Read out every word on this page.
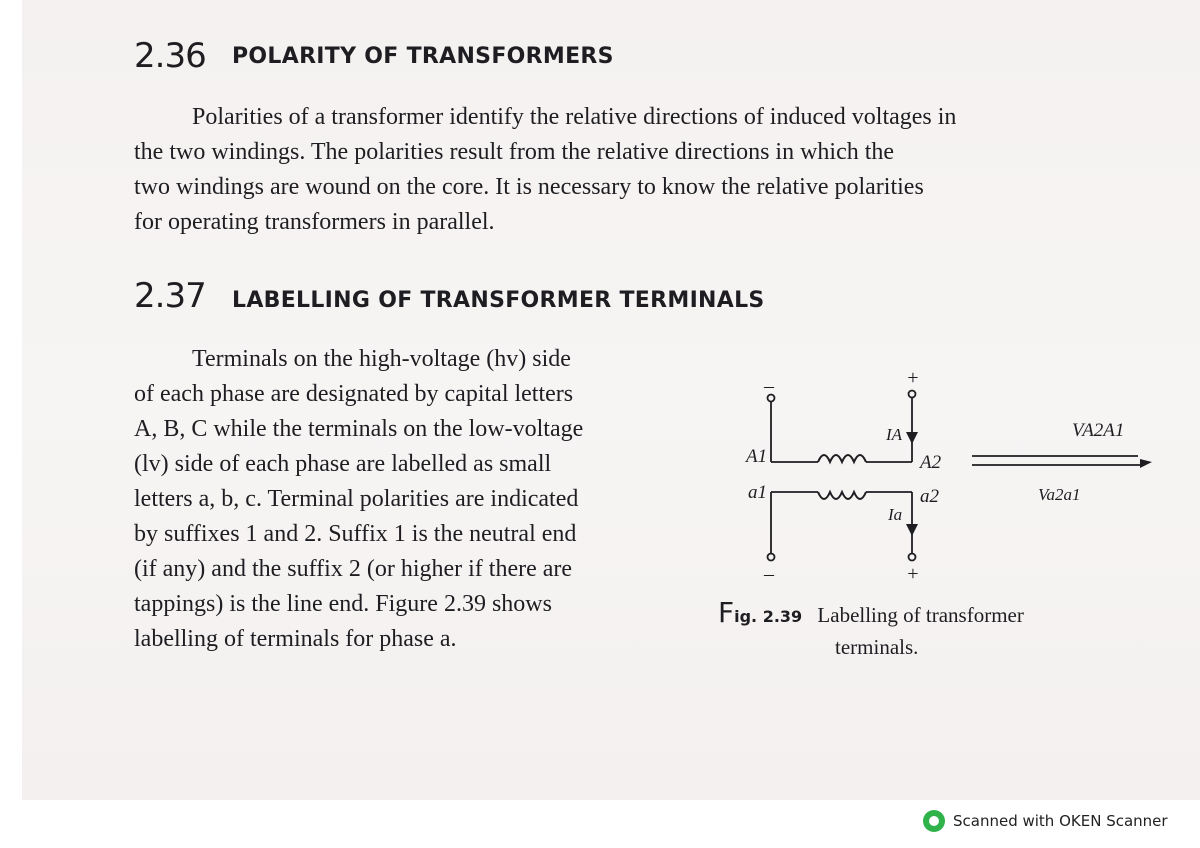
2.36 POLARITY OF TRANSFORMERS
Polarities of a transformer identify the relative directions of induced voltages in
the two windings. The polarities result from the relative directions in which the
two windings are wound on the core. It is necessary to know the relative polarities
for operating transformers in parallel.
2.37 LABELLING OF TRANSFORMER TERMINALS
Terminals on the high-voltage (hv) side
of each phase are designated by capital letters
A, B, C while the terminals on the low-voltage
(lv) side of each phase are labelled as small
letters a, b, c. Terminal polarities are indicated
by suffixes 1 and 2. Suffix 1 is the neutral end
(if any) and the suffix 2 (or higher if there are
tappings) is the line end. Figure 2.39 shows
labelling of terminals for phase a.
–	+
IA
A1	A2
–	+
Ia
a1	a2
VA2A1
Va2a1
Fig. 2.39 Labelling of transformer
terminals.
Scanned with OKEN Scanner
